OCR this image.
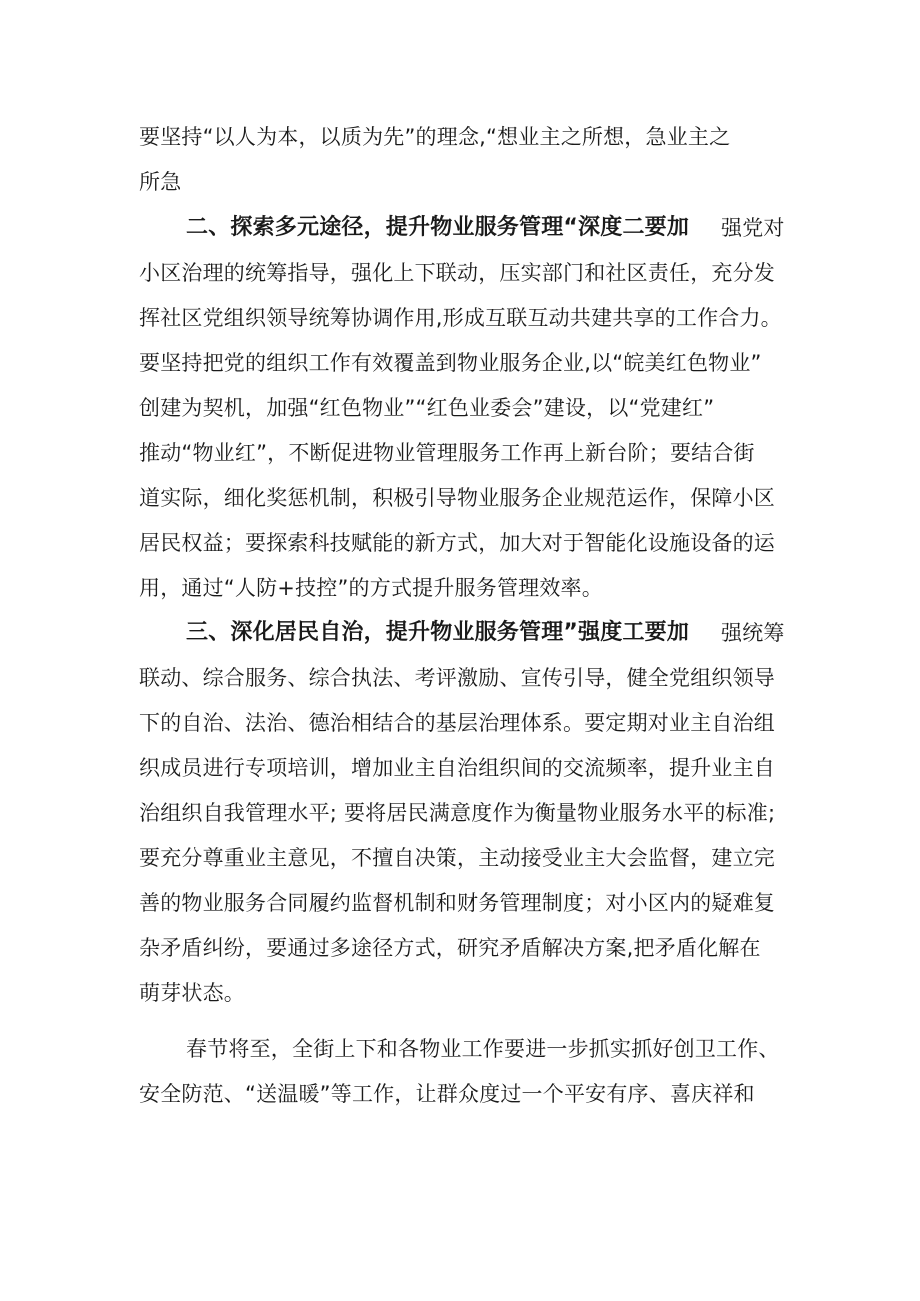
要坚持“以人为本，以质为先”的理念,“想业主之所想，急业主之
所急
二、探索多元途径，提升物业服务管理“深度二要加 强党对
小区治理的统筹指导，强化上下联动，压实部门和社区责任，充分发
挥社区党组织领导统筹协调作用,形成互联互动共建共享的工作合力。
要坚持把党的组织工作有效覆盖到物业服务企业,以“皖美红色物业”
创建为契机，加强“红色物业”“红色业委会”建设，以“党建红”
推动“物业红”，不断促进物业管理服务工作再上新台阶；要结合街
道实际，细化奖惩机制，积极引导物业服务企业规范运作，保障小区
居民权益；要探索科技赋能的新方式，加大对于智能化设施设备的运
用，通过“人防+技控”的方式提升服务管理效率。
三、深化居民自治，提升物业服务管理”强度工要加 强统筹
联动、综合服务、综合执法、考评激励、宣传引导，健全党组织领导
下的自治、法治、德治相结合的基层治理体系。要定期对业主自治组
织成员进行专项培训，增加业主自治组织间的交流频率，提升业主自
治组织自我管理水平; 要将居民满意度作为衡量物业服务水平的标准;
要充分尊重业主意见，不擅自决策，主动接受业主大会监督，建立完
善的物业服务合同履约监督机制和财务管理制度；对小区内的疑难复
杂矛盾纠纷，要通过多途径方式，研究矛盾解决方案,把矛盾化解在
萌芽状态。
春节将至，全街上下和各物业工作要进一步抓实抓好创卫工作、
安全防范、“送温暖”等工作，让群众度过一个平安有序、喜庆祥和
